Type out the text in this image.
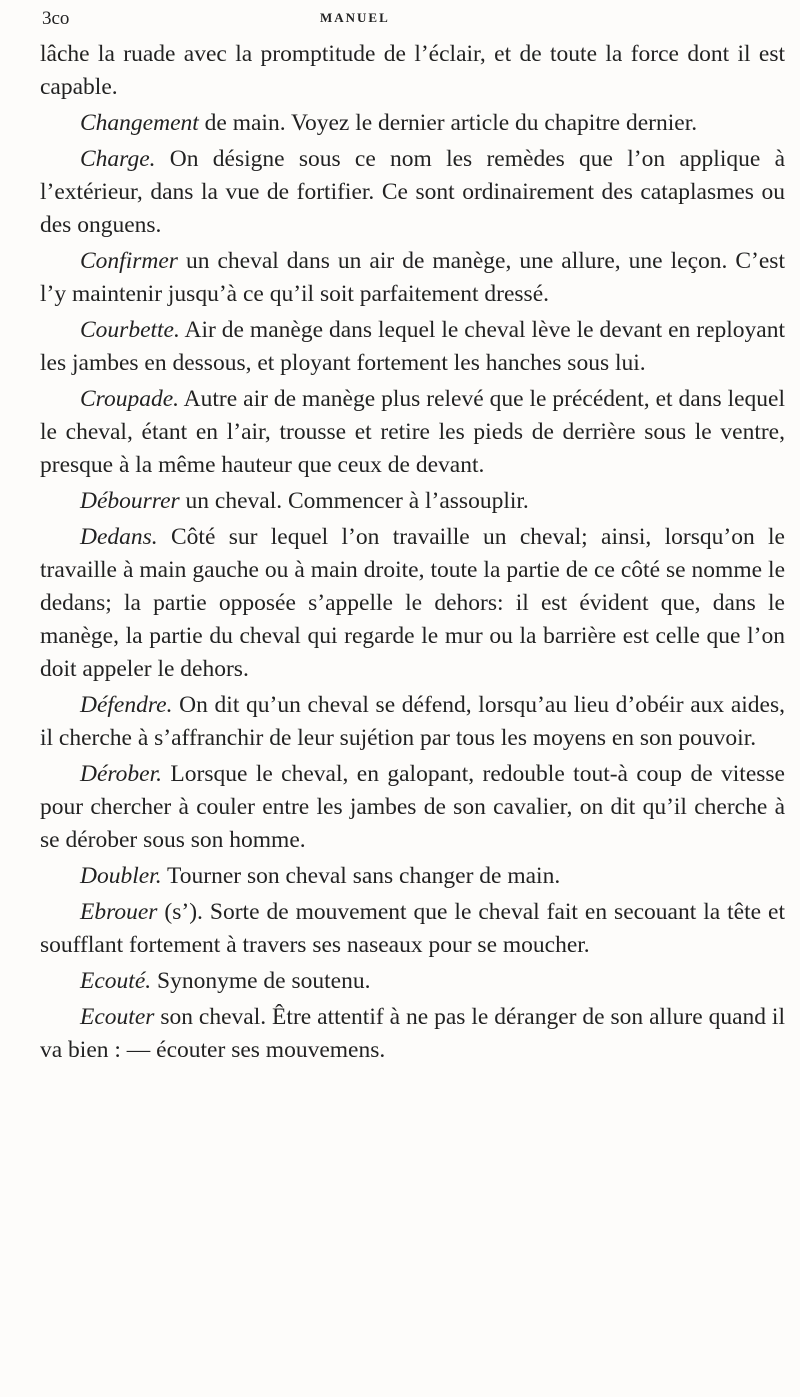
3co	MANUEL

lâche la ruade avec la promptitude de l’éclair, et de toute la force dont il est capable.

Changement de main. Voyez le dernier article du chapitre dernier.

Charge. On désigne sous ce nom les remèdes que l’on applique à l’extérieur, dans la vue de fortifier. Ce sont ordinairement des cataplasmes ou des onguens.

Confirmer un cheval dans un air de manège, une allure, une leçon. C’est l’y maintenir jusqu’à ce qu’il soit parfaitement dressé.

Courbette. Air de manège dans lequel le cheval lève le devant en reployant les jambes en dessous, et ployant fortement les hanches sous lui.

Croupade. Autre air de manège plus relevé que le précédent, et dans lequel le cheval, étant en l’air, trousse et retire les pieds de derrière sous le ventre, presque à la même hauteur que ceux de devant.

Débourrer un cheval. Commencer à l’assouplir.

Dedans. Côté sur lequel l’on travaille un cheval; ainsi, lorsqu’on le travaille à main gauche ou à main droite, toute la partie de ce côté se nomme le dedans; la partie opposée s’appelle le dehors: il est évident que, dans le manège, la partie du cheval qui regarde le mur ou la barrière est celle que l’on doit appeler le dehors.

Défendre. On dit qu’un cheval se défend, lorsqu’au lieu d’obéir aux aides, il cherche à s’affranchir de leur sujétion par tous les moyens en son pouvoir.

Dérober. Lorsque le cheval, en galopant, redouble tout-à coup de vitesse pour chercher à couler entre les jambes de son cavalier, on dit qu’il cherche à se dérober sous son homme.

Doubler. Tourner son cheval sans changer de main.

Ebrouer (s’). Sorte de mouvement que le cheval fait en secouant la tête et soufflant fortement à travers ses naseaux pour se moucher.

Ecouté. Synonyme de soutenu.

Ecouter son cheval. Être attentif à ne pas le déranger de son allure quand il va bien : — écouter ses mouvemens.
